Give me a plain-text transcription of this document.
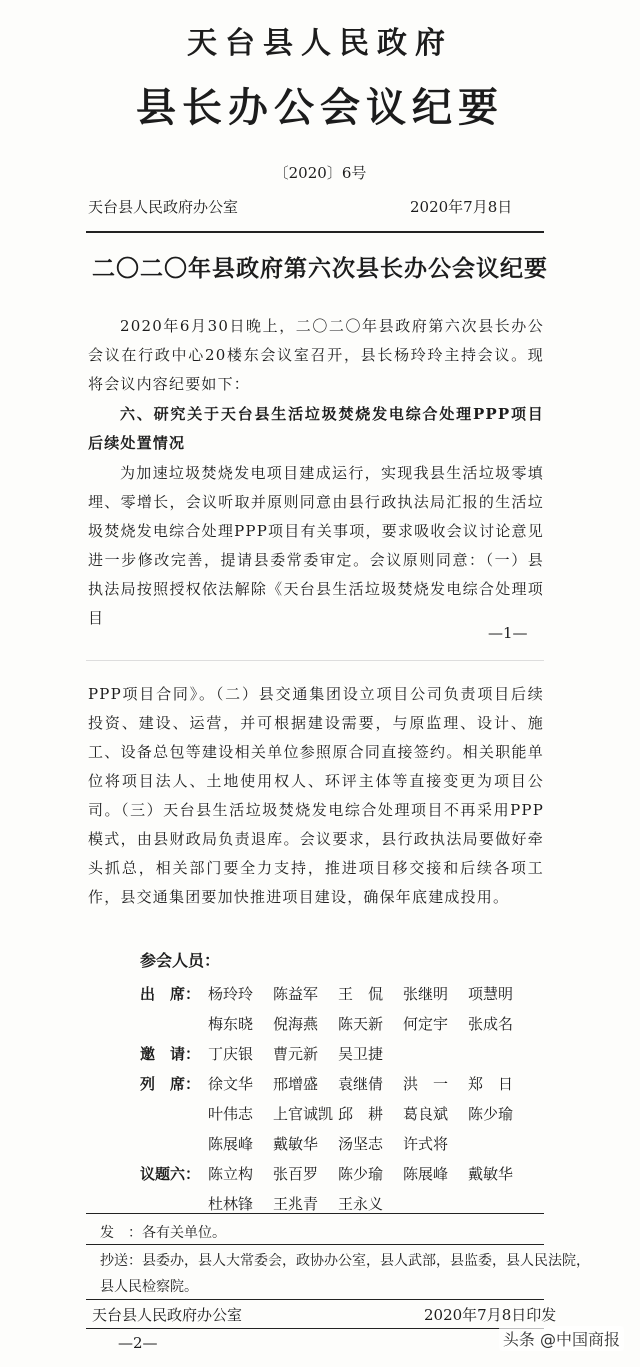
天台县人民政府
县长办公会议纪要
〔2020〕6号
天台县人民政府办公室	2020年7月8日
二〇二〇年县政府第六次县长办公会议纪要

2020年6月30日晚上，二〇二〇年县政府第六次县长办公会议在行政中心20楼东会议室召开，县长杨玲玲主持会议。现将会议内容纪要如下：

六、研究关于天台县生活垃圾焚烧发电综合处理PPP项目后续处置情况

为加速垃圾焚烧发电项目建成运行，实现我县生活垃圾零填埋、零增长，会议听取并原则同意由县行政执法局汇报的生活垃圾焚烧发电综合处理PPP项目有关事项，要求吸收会议讨论意见进一步修改完善，提请县委常委审定。会议原则同意：（一）县执法局按照授权依法解除《天台县生活垃圾焚烧发电综合处理项目

—1—

PPP项目合同》。（二）县交通集团设立项目公司负责项目后续投资、建设、运营，并可根据建设需要，与原监理、设计、施工、设备总包等建设相关单位参照原合同直接签约。相关职能单位将项目法人、土地使用权人、环评主体等直接变更为项目公司。（三）天台县生活垃圾焚烧发电综合处理项目不再采用PPP模式，由县财政局负责退库。会议要求，县行政执法局要做好牵头抓总，相关部门要全力支持，推进项目移交接和后续各项工作，县交通集团要加快推进项目建设，确保年底建成投用。

参会人员：
出　席： 杨玲玲	陈益军	王　侃	张继明	项慧明
梅东晓	倪海燕	陈天新	何定宇	张成名
邀　请： 丁庆银	曹元新	吴卫捷
列　席： 徐文华	邢增盛	袁继倩	洪　一	郑　日
叶伟志	上官诚凯 邱　耕	葛良斌	陈少瑜
陈展峰	戴敏华	汤坚志	许式将
议题六： 陈立构	张百罗	陈少瑜	陈展峰	戴敏华
杜林锋	王兆青	王永义
发　：各有关单位。
抄送：县委办，县人大常委会，政协办公室，县人武部，县监委，县人民法院，
县人民检察院。
天台县人民政府办公室	2020年7月8日印发
—2—	头条 @中国商报
